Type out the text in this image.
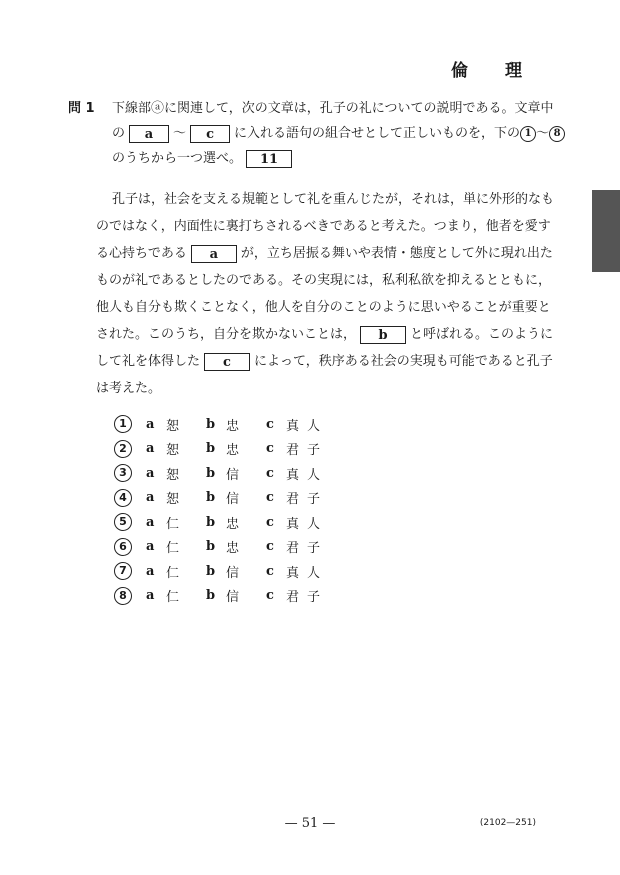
倫　理
問 1 下線部ⓐに関連して，次の文章は，孔子の礼についての説明である。文章中
の a ～ c に入れる語句の組合せとして正しいものを，下の 1 ～ 8
のうちから一つ選べ。 11
孔子は，社会を支える規範として礼を重んじたが，それは，単に外形的なも
のではなく，内面性に裏打ちされるべきであると考えた。つまり，他者を愛す
る心持ちである a が，立ち居振る舞いや表情・態度として外に現れ出た
ものが礼であるとしたのである。その実現には，私利私欲を抑えるとともに，
他人も自分も欺くことなく，他人を自分のことのように思いやることが重要と
された。このうち，自分を欺かないことは， b と呼ばれる。このように
して礼を体得した c によって，秩序ある社会の実現も可能であると孔子
は考えた。
1	a 恕	b 忠	c 真人
2	a 恕	b 忠	c 君子
3	a 恕	b 信	c 真人
4	a 恕	b 信	c 君子
5	a 仁	b 忠	c 真人
6	a 仁	b 忠	c 君子
7	a 仁	b 信	c 真人
8	a 仁	b 信	c 君子
— 51 —	(2102—251)
